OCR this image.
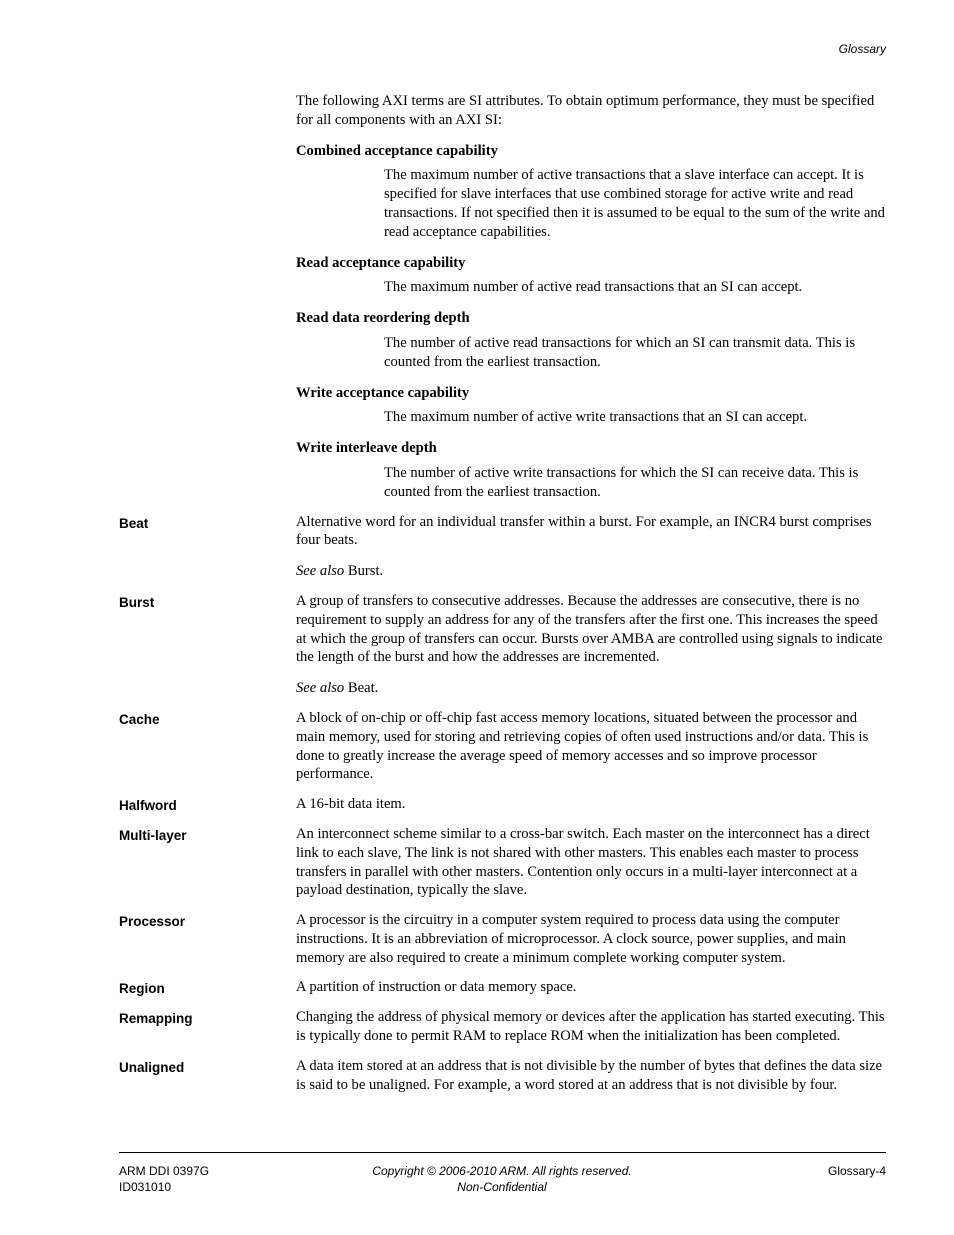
Glossary

The following AXI terms are SI attributes. To obtain optimum performance, they must be specified for all components with an AXI SI:

Combined acceptance capability

The maximum number of active transactions that a slave interface can accept. It is specified for slave interfaces that use combined storage for active write and read transactions. If not specified then it is assumed to be equal to the sum of the write and read acceptance capabilities.

Read acceptance capability

The maximum number of active read transactions that an SI can accept.

Read data reordering depth

The number of active read transactions for which an SI can transmit data. This is counted from the earliest transaction.

Write acceptance capability

The maximum number of active write transactions that an SI can accept.

Write interleave depth

The number of active write transactions for which the SI can receive data. This is counted from the earliest transaction.

Beat	Alternative word for an individual transfer within a burst. For example, an INCR4 burst comprises four beats.

See also Burst.

Burst	A group of transfers to consecutive addresses. Because the addresses are consecutive, there is no requirement to supply an address for any of the transfers after the first one. This increases the speed at which the group of transfers can occur. Bursts over AMBA are controlled using signals to indicate the length of the burst and how the addresses are incremented.

See also Beat.

Cache	A block of on-chip or off-chip fast access memory locations, situated between the processor and main memory, used for storing and retrieving copies of often used instructions and/or data. This is done to greatly increase the average speed of memory accesses and so improve processor performance.

Halfword	A 16-bit data item.

Multi-layer	An interconnect scheme similar to a cross-bar switch. Each master on the interconnect has a direct link to each slave, The link is not shared with other masters. This enables each master to process transfers in parallel with other masters. Contention only occurs in a multi-layer interconnect at a payload destination, typically the slave.

Processor	A processor is the circuitry in a computer system required to process data using the computer instructions. It is an abbreviation of microprocessor. A clock source, power supplies, and main memory are also required to create a minimum complete working computer system.

Region	A partition of instruction or data memory space.

Remapping	Changing the address of physical memory or devices after the application has started executing. This is typically done to permit RAM to replace ROM when the initialization has been completed.

Unaligned	A data item stored at an address that is not divisible by the number of bytes that defines the data size is said to be unaligned. For example, a word stored at an address that is not divisible by four.

ARM DDI 0397G
ID031010
Copyright © 2006-2010 ARM. All rights reserved.
Non-Confidential
Glossary-4
